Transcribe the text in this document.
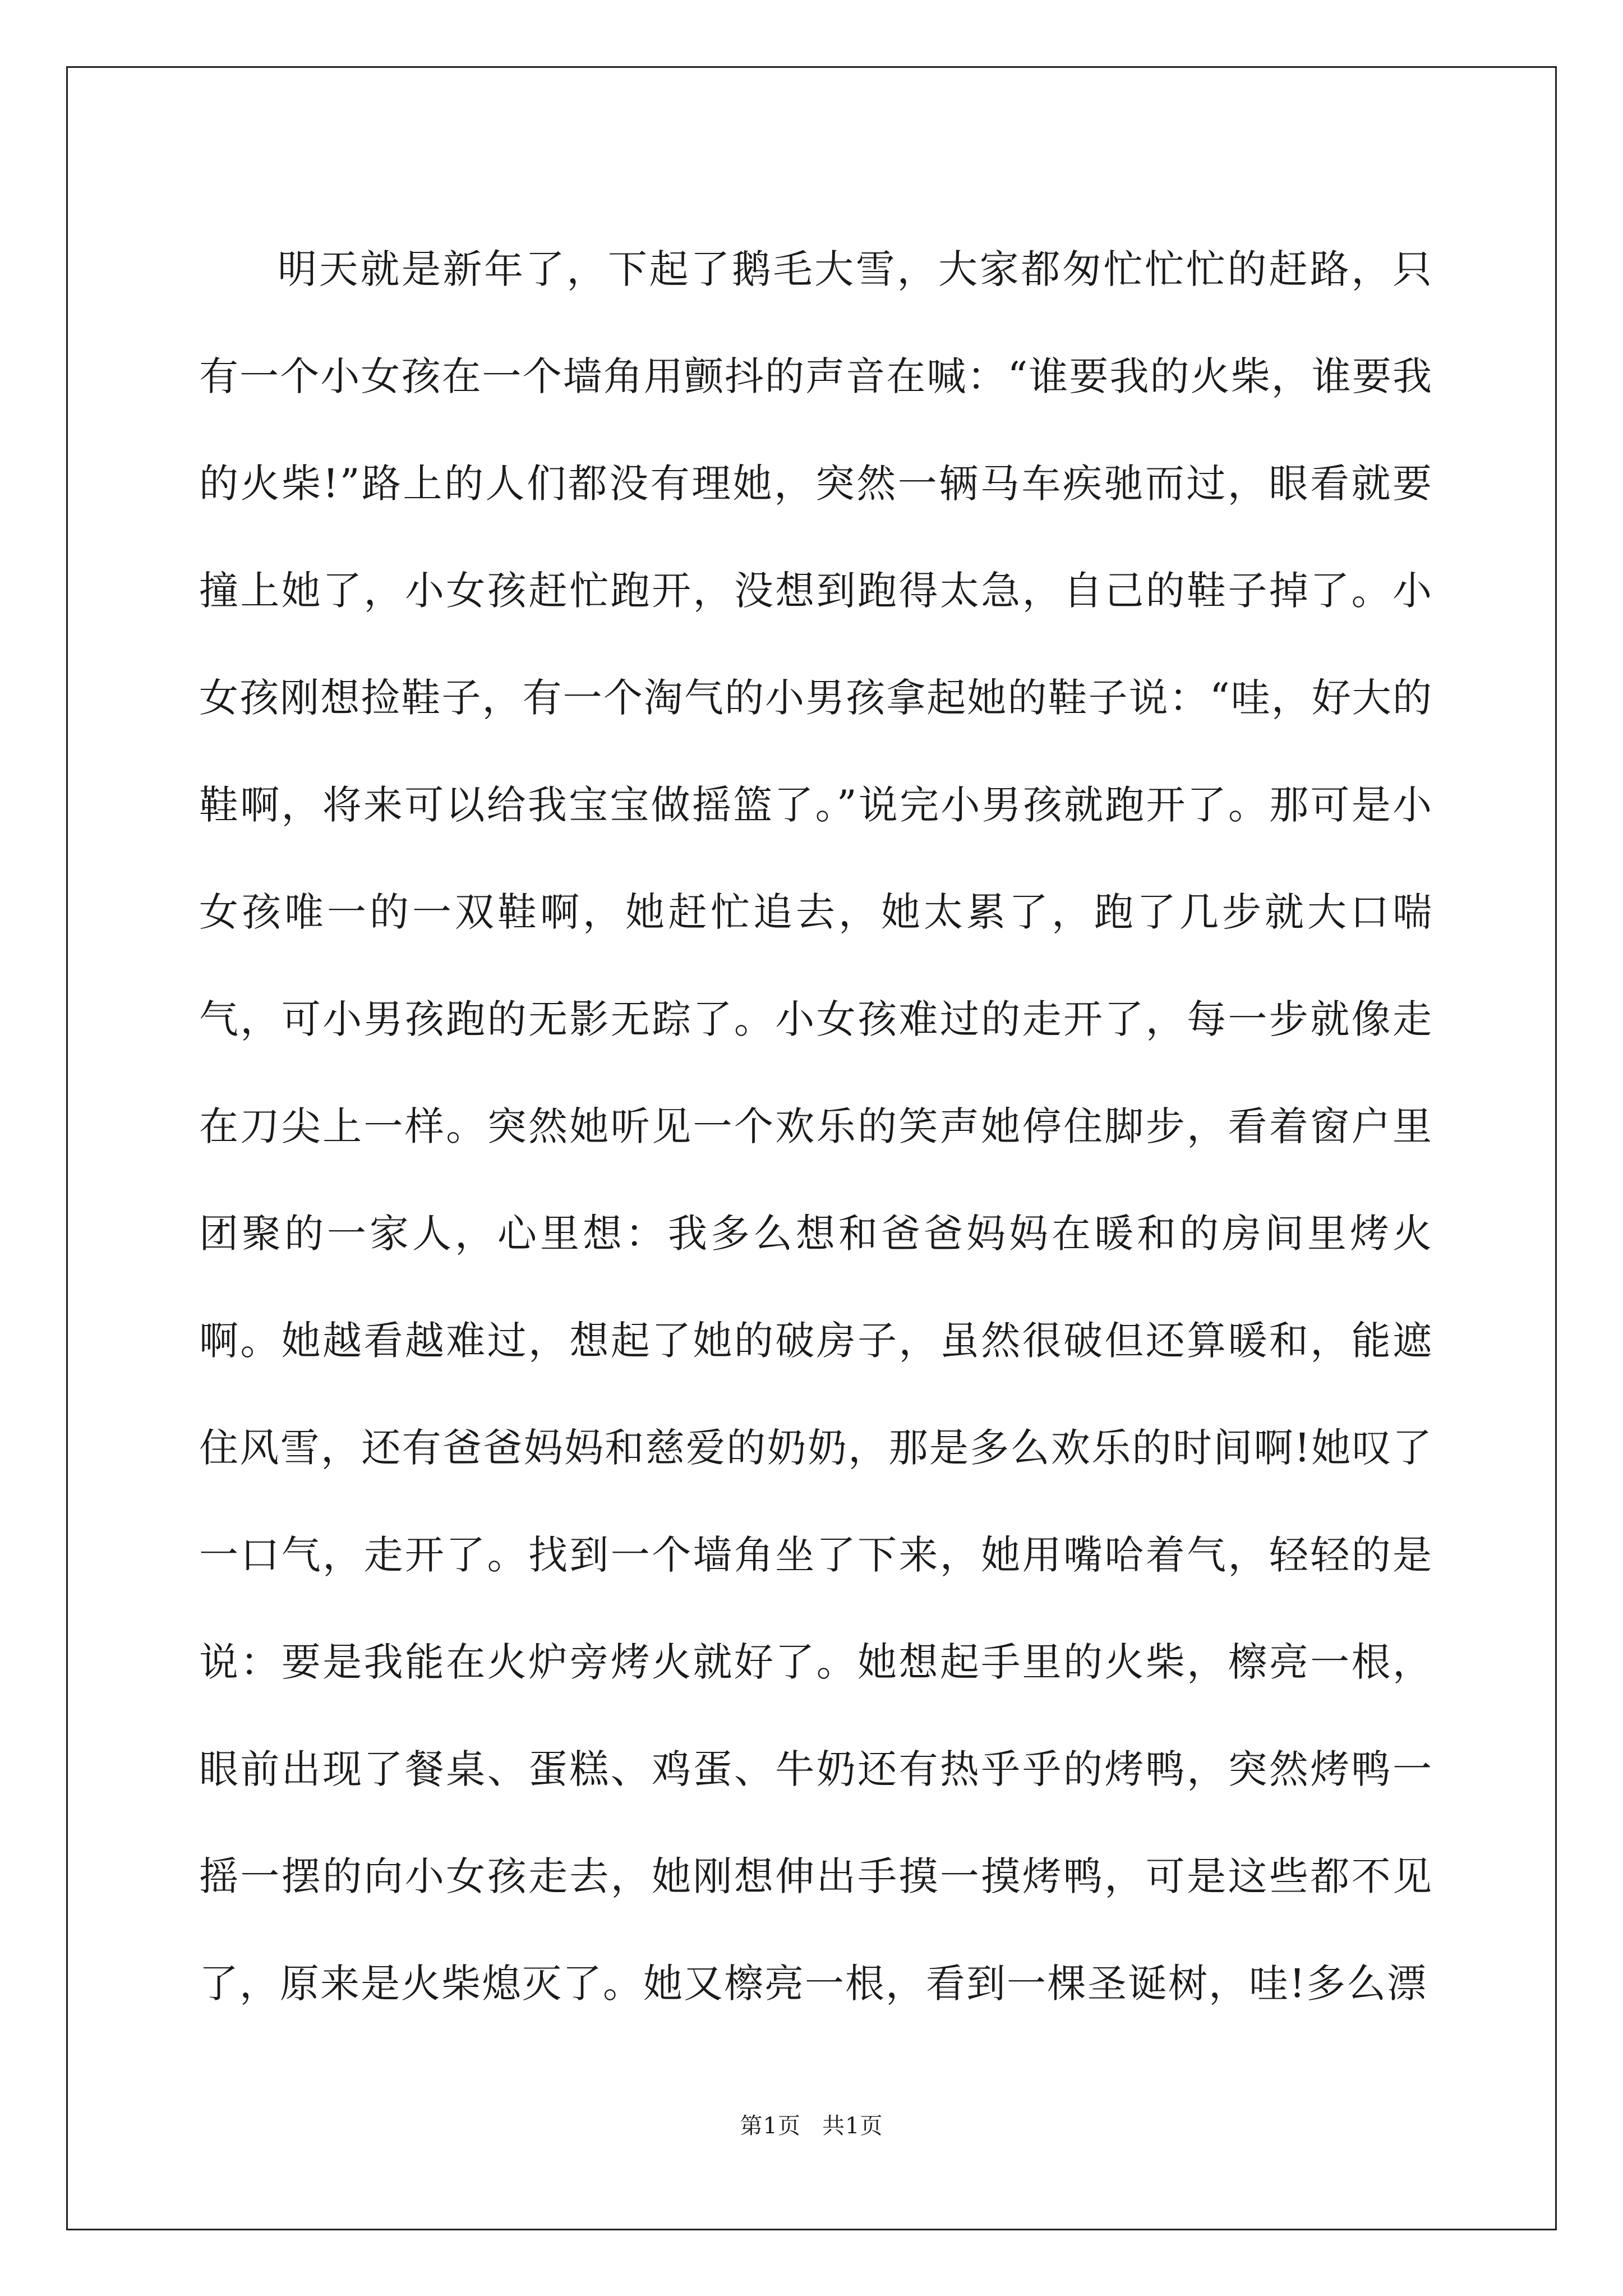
明天就是新年了，下起了鹅毛大雪，大家都匆忙忙忙的赶路，只有一个小女孩在一个墙角用颤抖的声音在喊：“谁要我的火柴，谁要我的火柴!”路上的人们都没有理她，突然一辆马车疾驰而过，眼看就要撞上她了，小女孩赶忙跑开，没想到跑得太急，自己的鞋子掉了。小女孩刚想捡鞋子，有一个淘气的小男孩拿起她的鞋子说：“哇，好大的鞋啊，将来可以给我宝宝做摇篮了。”说完小男孩就跑开了。那可是小女孩唯一的一双鞋啊，她赶忙追去，她太累了，跑了几步就大口喘气，可小男孩跑的无影无踪了。小女孩难过的走开了，每一步就像走在刀尖上一样。突然她听见一个欢乐的笑声她停住脚步，看着窗户里团聚的一家人，心里想：我多么想和爸爸妈妈在暖和的房间里烤火啊。她越看越难过，想起了她的破房子，虽然很破但还算暖和，能遮住风雪，还有爸爸妈妈和慈爱的奶奶，那是多么欢乐的时间啊!她叹了一口气，走开了。找到一个墙角坐了下来，她用嘴哈着气，轻轻的是说：要是我能在火炉旁烤火就好了。她想起手里的火柴，檫亮一根，眼前出现了餐桌、蛋糕、鸡蛋、牛奶还有热乎乎的烤鸭，突然烤鸭一摇一摆的向小女孩走去，她刚想伸出手摸一摸烤鸭，可是这些都不见了，原来是火柴熄灭了。她又檫亮一根，看到一棵圣诞树，哇!多么漂

第1页 共1页
